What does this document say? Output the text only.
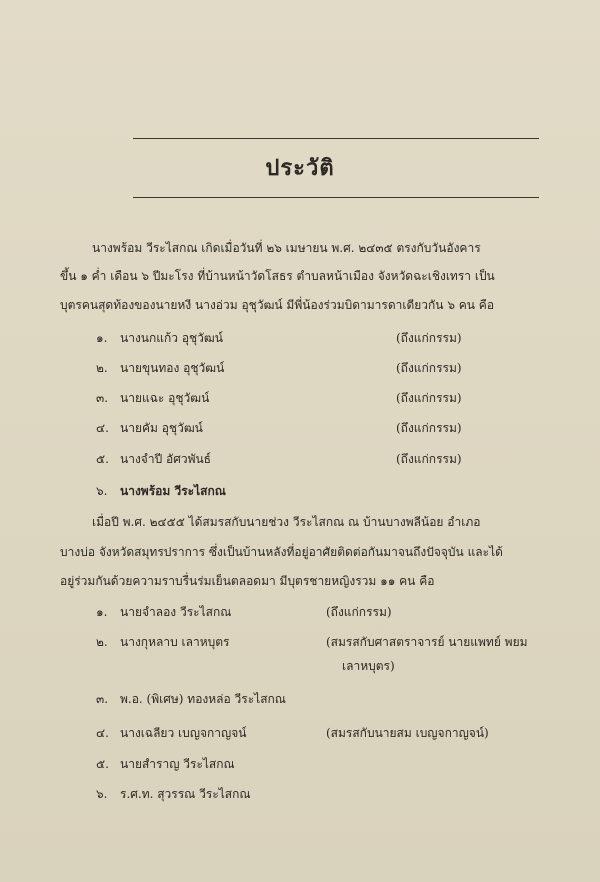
ประวัติ
นางพร้อม วีระไสกณ เกิดเมื่อวันที่ ๒๖ เมษายน พ.ศ. ๒๔๓๕ ตรงกับวันอังคาร
ขึ้น ๑ ค่ำ เดือน ๖ ปีมะโรง ที่บ้านหน้าวัดโสธร ตำบลหน้าเมือง จังหวัดฉะเชิงเทรา เป็น
บุตรคนสุดท้องของนายหงี นางอ่วม อุชุวัฒน์ มีพี่น้องร่วมบิดามารดาเดียวกัน ๖ คน คือ
๑. นางนกแก้ว อุชุวัฒน์	(ถึงแก่กรรม)
๒. นายขุนทอง อุชุวัฒน์	(ถึงแก่กรรม)
๓. นายแฉะ อุชุวัฒน์	(ถึงแก่กรรม)
๔. นายคัม อุชุวัฒน์	(ถึงแก่กรรม)
๕. นางจำปี อัศวพันธ์	(ถึงแก่กรรม)
๖. นางพร้อม วีระไสกณ
เมื่อปี พ.ศ. ๒๔๕๕ ได้สมรสกับนายช่วง วีระไสกณ ณ บ้านบางพลีน้อย อำเภอ
บางบ่อ จังหวัดสมุทรปราการ ซึ่งเป็นบ้านหลังที่อยู่อาศัยติดต่อกันมาจนถึงปัจจุบัน และได้
อยู่ร่วมกันด้วยความราบรื่นร่มเย็นตลอดมา มีบุตรชายหญิงรวม ๑๑ คน คือ
๑. นายจำลอง วีระไสกณ	(ถึงแก่กรรม)
๒. นางกุหลาบ เลาหบุตร	(สมรสกับศาสตราจารย์ นายแพทย์ พยม
เลาหบุตร)
๓. พ.อ. (พิเศษ) ทองหล่อ วีระไสกณ
๔. นางเฉลียว เบญจกาญจน์	(สมรสกับนายสม เบญจกาญจน์)
๕. นายสำราญ วีระไสกณ
๖. ร.ศ.ท. สุวรรณ วีระไสกณ
